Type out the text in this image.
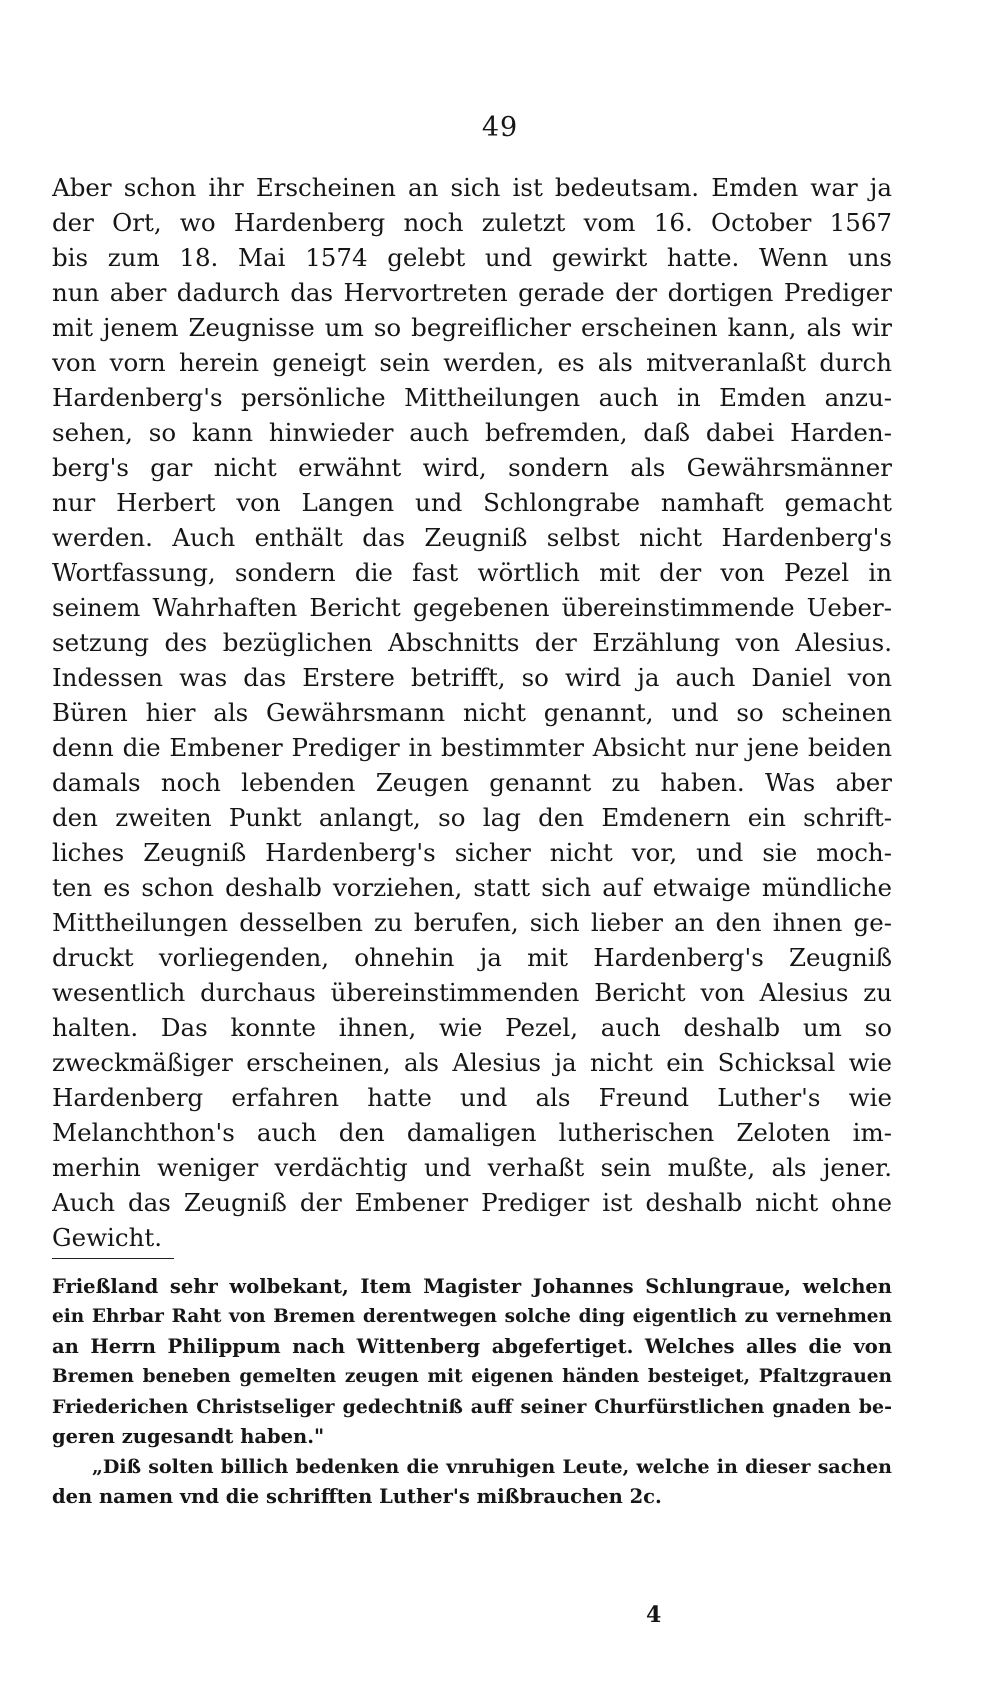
49
Aber schon ihr Erscheinen an sich ist bedeutsam. Emden war ja
der Ort, wo Hardenberg noch zuletzt vom 16. October 1567
bis zum 18. Mai 1574 gelebt und gewirkt hatte. Wenn uns
nun aber dadurch das Hervortreten gerade der dortigen Prediger
mit jenem Zeugnisse um so begreiflicher erscheinen kann, als wir
von vorn herein geneigt sein werden, es als mitveranlaßt durch
Hardenberg's persönliche Mittheilungen auch in Emden anzu-
sehen, so kann hinwieder auch befremden, daß dabei Harden-
berg's gar nicht erwähnt wird, sondern als Gewährsmänner
nur Herbert von Langen und Schlongrabe namhaft gemacht
werden. Auch enthält das Zeugniß selbst nicht Hardenberg's
Wortfassung, sondern die fast wörtlich mit der von Pezel in
seinem Wahrhaften Bericht gegebenen übereinstimmende Ueber-
setzung des bezüglichen Abschnitts der Erzählung von Alesius.
Indessen was das Erstere betrifft, so wird ja auch Daniel von
Büren hier als Gewährsmann nicht genannt, und so scheinen
denn die Embener Prediger in bestimmter Absicht nur jene beiden
damals noch lebenden Zeugen genannt zu haben. Was aber
den zweiten Punkt anlangt, so lag den Emdenern ein schrift-
liches Zeugniß Hardenberg's sicher nicht vor, und sie moch-
ten es schon deshalb vorziehen, statt sich auf etwaige mündliche
Mittheilungen desselben zu berufen, sich lieber an den ihnen ge-
druckt vorliegenden, ohnehin ja mit Hardenberg's Zeugniß
wesentlich durchaus übereinstimmenden Bericht von Alesius zu
halten. Das konnte ihnen, wie Pezel, auch deshalb um so
zweckmäßiger erscheinen, als Alesius ja nicht ein Schicksal wie
Hardenberg erfahren hatte und als Freund Luther's wie
Melanchthon's auch den damaligen lutherischen Zeloten im-
merhin weniger verdächtig und verhaßt sein mußte, als jener.
Auch das Zeugniß der Embener Prediger ist deshalb nicht ohne
Gewicht.
Frießland sehr wolbekant, Item Magister Johannes Schlungraue, welchen
ein Ehrbar Raht von Bremen derentwegen solche ding eigentlich zu vernehmen
an Herrn Philippum nach Wittenberg abgefertiget. Welches alles die von
Bremen beneben gemelten zeugen mit eigenen händen besteiget, Pfaltzgrauen
Friederichen Christseliger gedechtniß auff seiner Churfürstlichen gnaden be-
geren zugesandt haben."
„Diß solten billich bedenken die vnruhigen Leute, welche in dieser sachen
den namen vnd die schrifften Luther's mißbrauchen 2c.
4
